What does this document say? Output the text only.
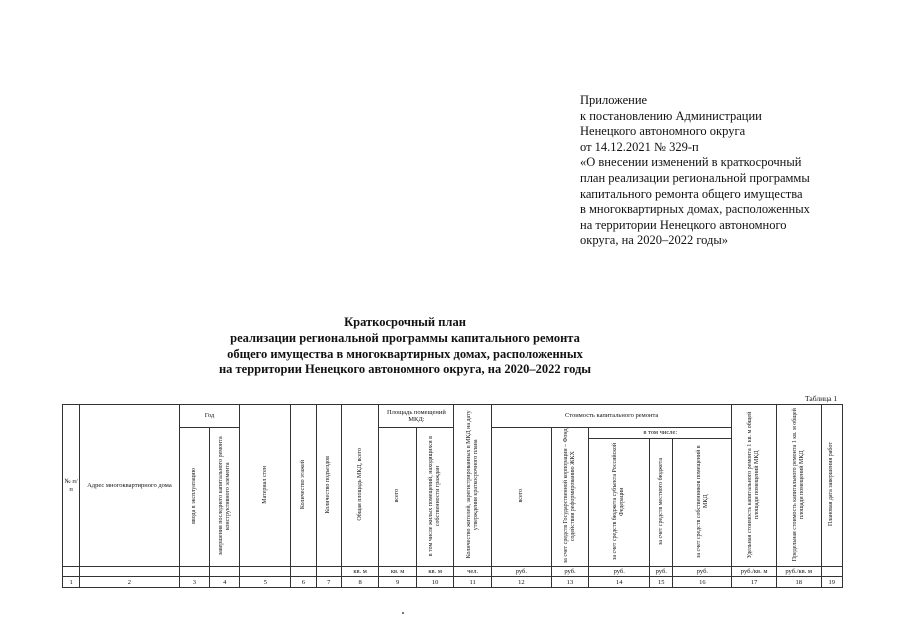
Приложение
к постановлению Администрации
Ненецкого автономного округа
от 14.12.2021 № 329-п
«О внесении изменений в краткосрочный
план реализации региональной программы
капитального ремонта общего имущества
в многоквартирных домах, расположенных
на территории Ненецкого автономного
округа, на 2020–2022 годы»
Краткосрочный план
реализации региональной программы капитального ремонта
общего имущества в многоквартирных домах, расположенных
на территории Ненецкого автономного округа, на 2020–2022 годы
Таблица 1
№ п/п	Адрес многоквартирного дома	Год		Материал стен	Количество этажей	Количество подъездов	Общая площадь МКД, всего	Площадь помещений МКД:		Количество жителей, зарегистрированных в МКД на дату утверждения краткосрочного плана	Стоимость капитального ремонта					Удельная стоимость капитального ремонта 1 кв. м общей площади помещений МКД	Предельная стоимость капитального ремонта 1 кв. м общей площади помещений МКД	Плановая дата завершения работ
		ввода в эксплуатацию	завершения последнего капитального ремонта конструктивного элемента					всего	в том числе жилых помещений, находящихся в собственности граждан		всего	за счет средств Государственной корпорации – Фонд содействия реформированию ЖКХ	в том числе:					
													за счет средств бюджета субъекта Российской Федерации	за счет средств местного бюджета	за счет средств собственников помещений в МКД			
							кв. м	кв. м	кв. м	чел.	руб.	руб.	руб.	руб.	руб.	руб./кв. м	руб./кв. м	
1	2	3	4	5	6	7	8	9	10	11	12	13	14	15	16	17	18	19
